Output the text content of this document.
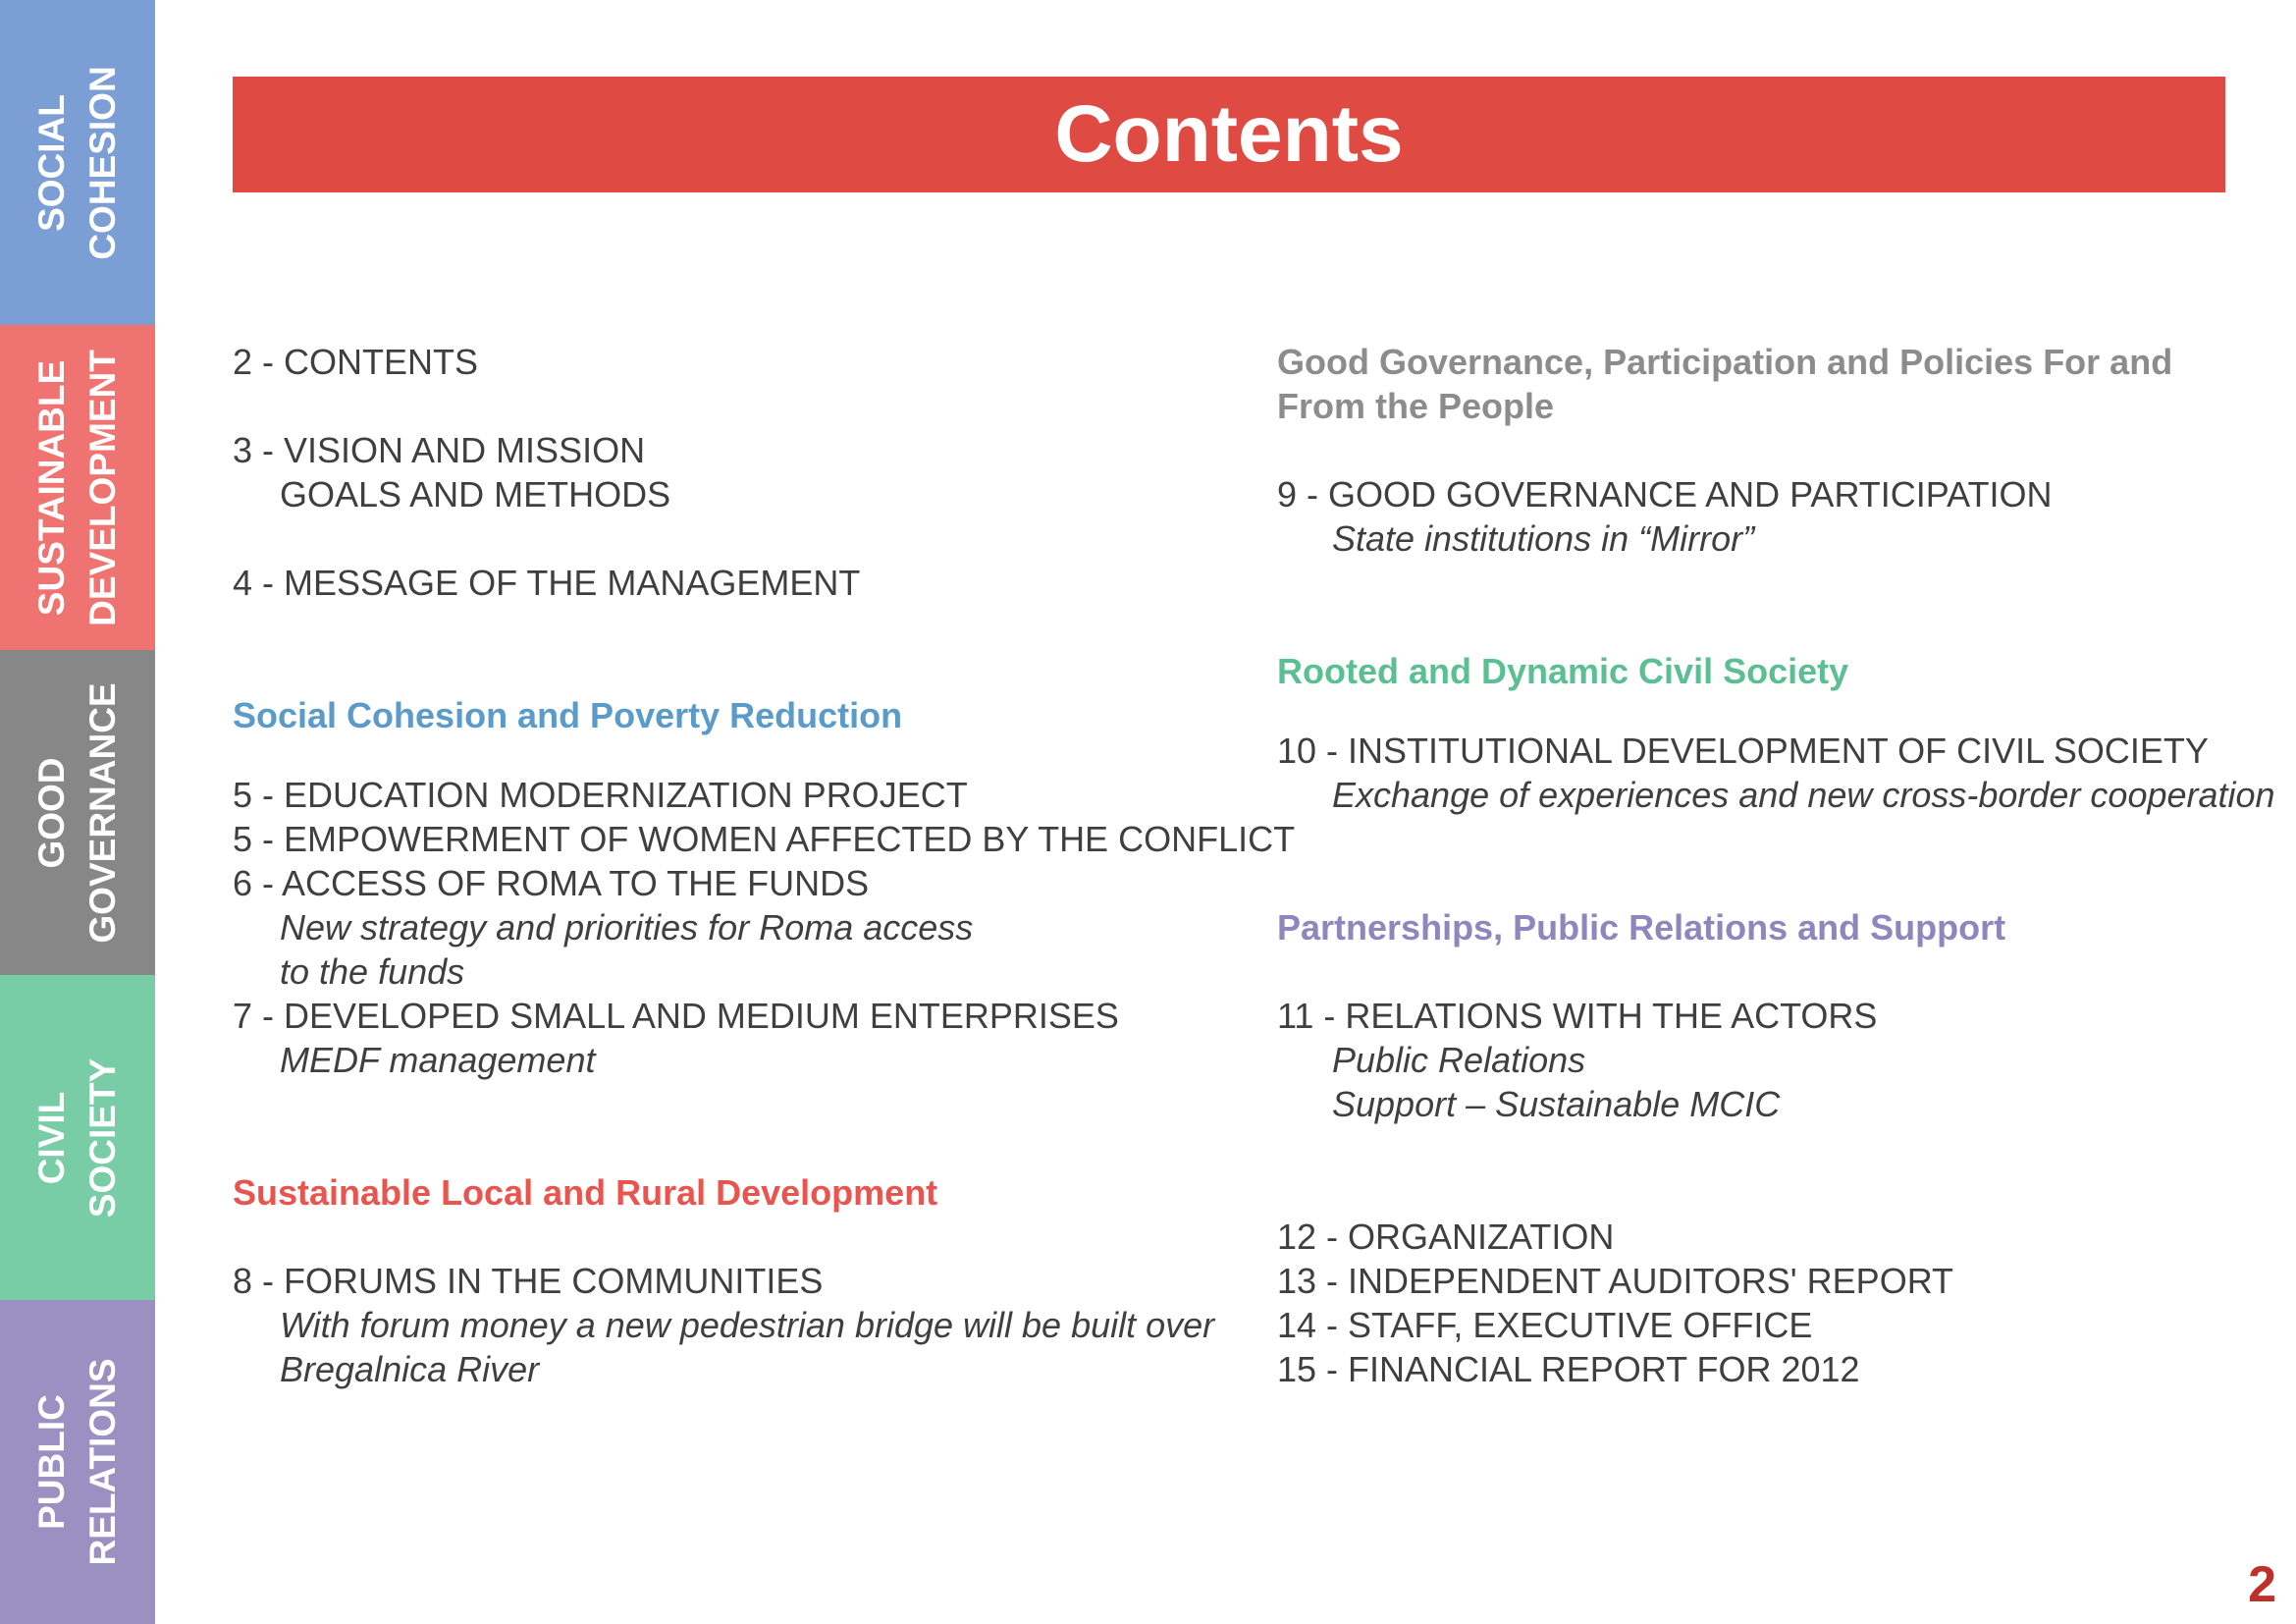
SOCIAL COHESION
SUSTAINABLE DEVELOPMENT
GOOD GOVERNANCE
CIVIL SOCIETY
PUBLIC RELATIONS
Contents
2 - CONTENTS
3 - VISION AND MISSION
GOALS AND METHODS
4 - MESSAGE OF THE MANAGEMENT
Social Cohesion and Poverty Reduction
5 - EDUCATION MODERNIZATION PROJECT
5 - EMPOWERMENT OF WOMEN AFFECTED BY THE CONFLICT
6 - ACCESS OF ROMA TO THE FUNDS
New strategy and priorities for Roma access
to the funds
7 - DEVELOPED SMALL AND MEDIUM ENTERPRISES
MEDF management
Sustainable Local and Rural Development
8 - FORUMS IN THE COMMUNITIES
With forum money a new pedestrian bridge will be built over
Bregalnica River
Good Governance, Participation and Policies For and From the People
9 - GOOD GOVERNANCE AND PARTICIPATION
State institutions in “Mirror”
Rooted and Dynamic Civil Society
10 - INSTITUTIONAL DEVELOPMENT OF CIVIL SOCIETY
Exchange of experiences and new cross-border cooperation
Partnerships, Public Relations and Support
11 - RELATIONS WITH THE ACTORS
Public Relations
Support – Sustainable MCIC
12 - ORGANIZATION
13 - INDEPENDENT AUDITORS' REPORT
14 - STAFF, EXECUTIVE OFFICE
15 - FINANCIAL REPORT FOR 2012
2
